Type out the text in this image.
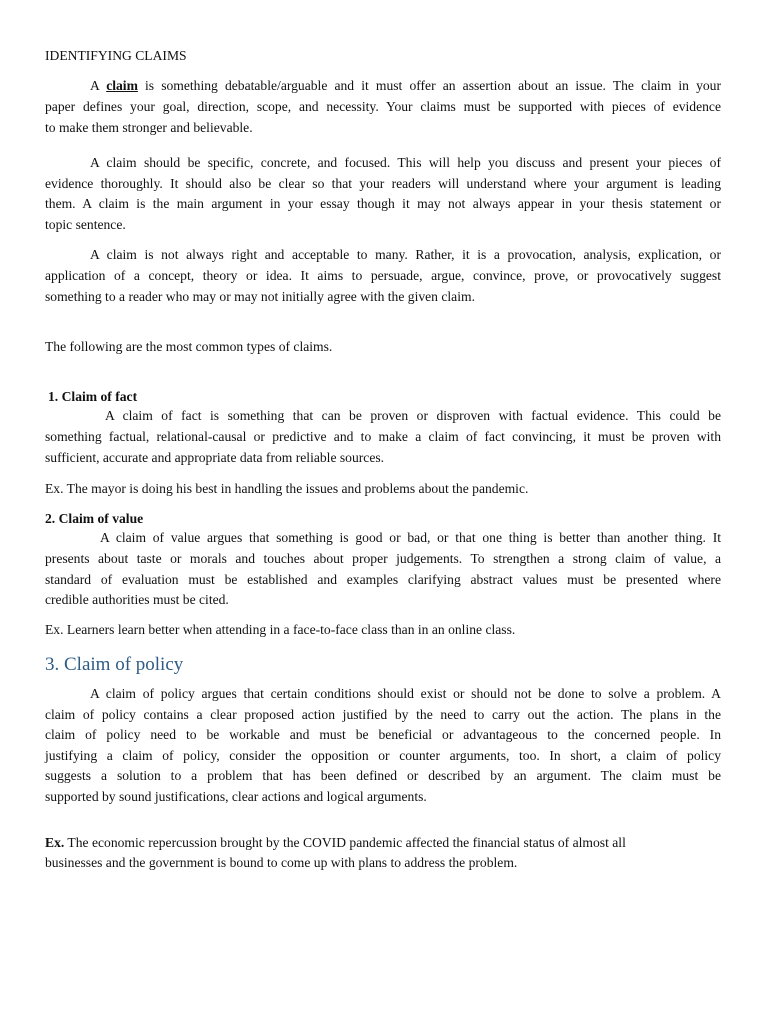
IDENTIFYING CLAIMS
A claim is something debatable/arguable and it must offer an assertion about an issue. The claim in your
paper defines your goal, direction, scope, and necessity. Your claims must be supported with pieces of evidence
to make them stronger and believable.
A claim should be specific, concrete, and focused. This will help you discuss and present your pieces of
evidence thoroughly. It should also be clear so that your readers will understand where your argument is leading
them. A claim is the main argument in your essay though it may not always appear in your thesis statement or
topic sentence.
A claim is not always right and acceptable to many. Rather, it is a provocation, analysis, explication, or
application of a concept, theory or idea. It aims to persuade, argue, convince, prove, or provocatively suggest
something to a reader who may or may not initially agree with the given claim.
The following are the most common types of claims.
1. Claim of fact
A claim of fact is something that can be proven or disproven with factual evidence. This could be
something factual, relational-causal or predictive and to make a claim of fact convincing, it must be proven with
sufficient, accurate and appropriate data from reliable sources.
Ex. The mayor is doing his best in handling the issues and problems about the pandemic.
2. Claim of value
A claim of value argues that something is good or bad, or that one thing is better than another thing. It
presents about taste or morals and touches about proper judgements. To strengthen a strong claim of value, a
standard of evaluation must be established and examples clarifying abstract values must be presented where
credible authorities must be cited.
Ex. Learners learn better when attending in a face-to-face class than in an online class.
3. Claim of policy
A claim of policy argues that certain conditions should exist or should not be done to solve a problem. A
claim of policy contains a clear proposed action justified by the need to carry out the action. The plans in the
claim of policy need to be workable and must be beneficial or advantageous to the concerned people. In
justifying a claim of policy, consider the opposition or counter arguments, too. In short, a claim of policy
suggests a solution to a problem that has been defined or described by an argument. The claim must be
supported by sound justifications, clear actions and logical arguments.
Ex. The economic repercussion brought by the COVID pandemic affected the financial status of almost all
businesses and the government is bound to come up with plans to address the problem.
